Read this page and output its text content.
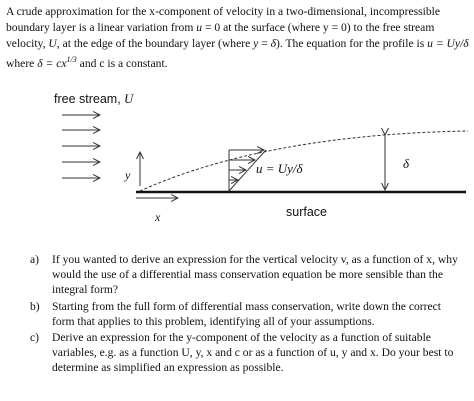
A crude approximation for the x-component of velocity in a two-dimensional, incompressible boundary layer is a linear variation from u = 0 at the surface (where y = 0) to the free stream velocity, U, at the edge of the boundary layer (where y = δ). The equation for the profile is u = Uy/δ where $\delta = cx^{1/3}$ and c is a constant.

free stream, U

y
x
u = Uy/δ	δ
surface
a) If you wanted to derive an expression for the vertical velocity v, as a function of x, why would the use of a differential mass conservation equation be more sensible than the integral form?
b) Starting from the full form of differential mass conservation, write down the correct form that applies to this problem, identifying all of your assumptions.
c) Derive an expression for the y-component of the velocity as a function of suitable variables, e.g. as a function U, y, x and c or as a function of u, y and x. Do your best to determine as simplified an expression as possible.
